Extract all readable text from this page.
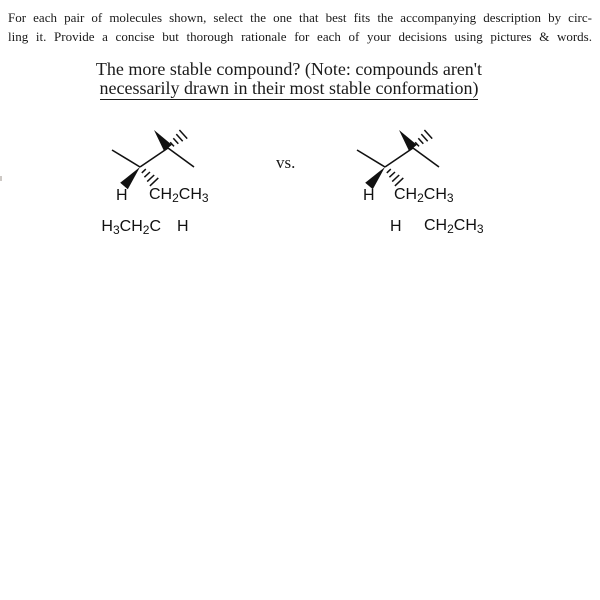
For each pair of molecules shown, select the one that best fits the accompanying description by circ-
ling it. Provide a concise but thorough rationale for each of your decisions using pictures & words.
The more stable compound? (Note: compounds aren't
necessarily drawn in their most stable conformation)
$H_3CH_2C$ H
H $CH_2CH_3$
vs.
H $CH_2CH_3$
H $CH_2CH_3$
